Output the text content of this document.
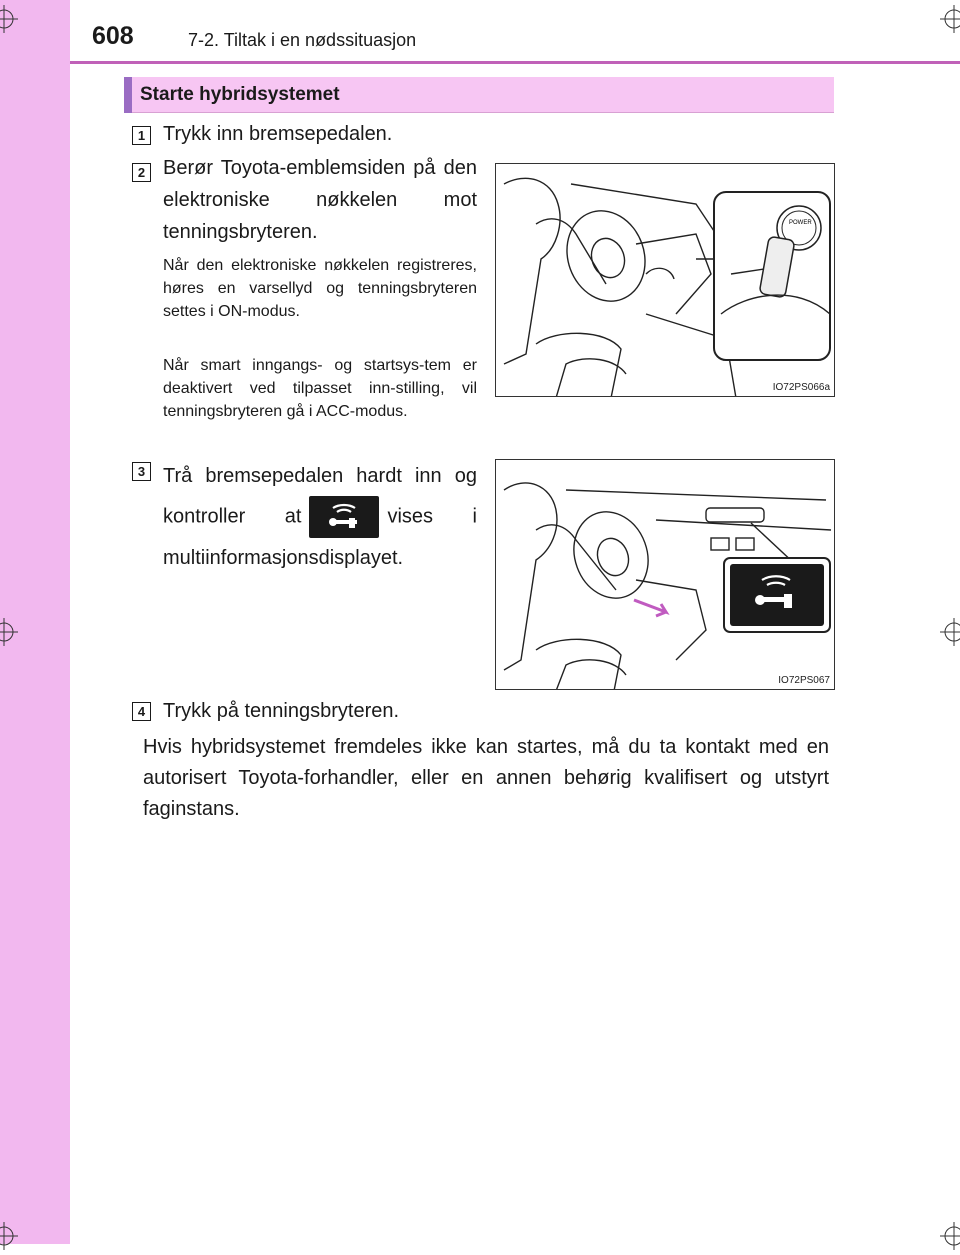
608	7-2. Tiltak i en nødssituasjon
Starte hybridsystemet
1 Trykk inn bremsepedalen.
2 Berør Toyota-emblemsiden på den elektroniske nøkkelen mot tenningsbryteren.
Når den elektroniske nøkkelen registreres, høres en varsellyd og tenningsbryteren settes i ON-modus.
Når smart inngangs- og startsys-tem er deaktivert ved tilpasset inn-stilling, vil tenningsbryteren gå i ACC-modus.
POWER
IO72PS066a
3 Trå bremsepedalen hardt inn og kontroller at	vises i multiinformasjonsdisplayet.
IO72PS067
4 Trykk på tenningsbryteren.
Hvis hybridsystemet fremdeles ikke kan startes, må du ta kontakt med en autorisert Toyota-forhandler, eller en annen behørig kvalifisert og utstyrt faginstans.
